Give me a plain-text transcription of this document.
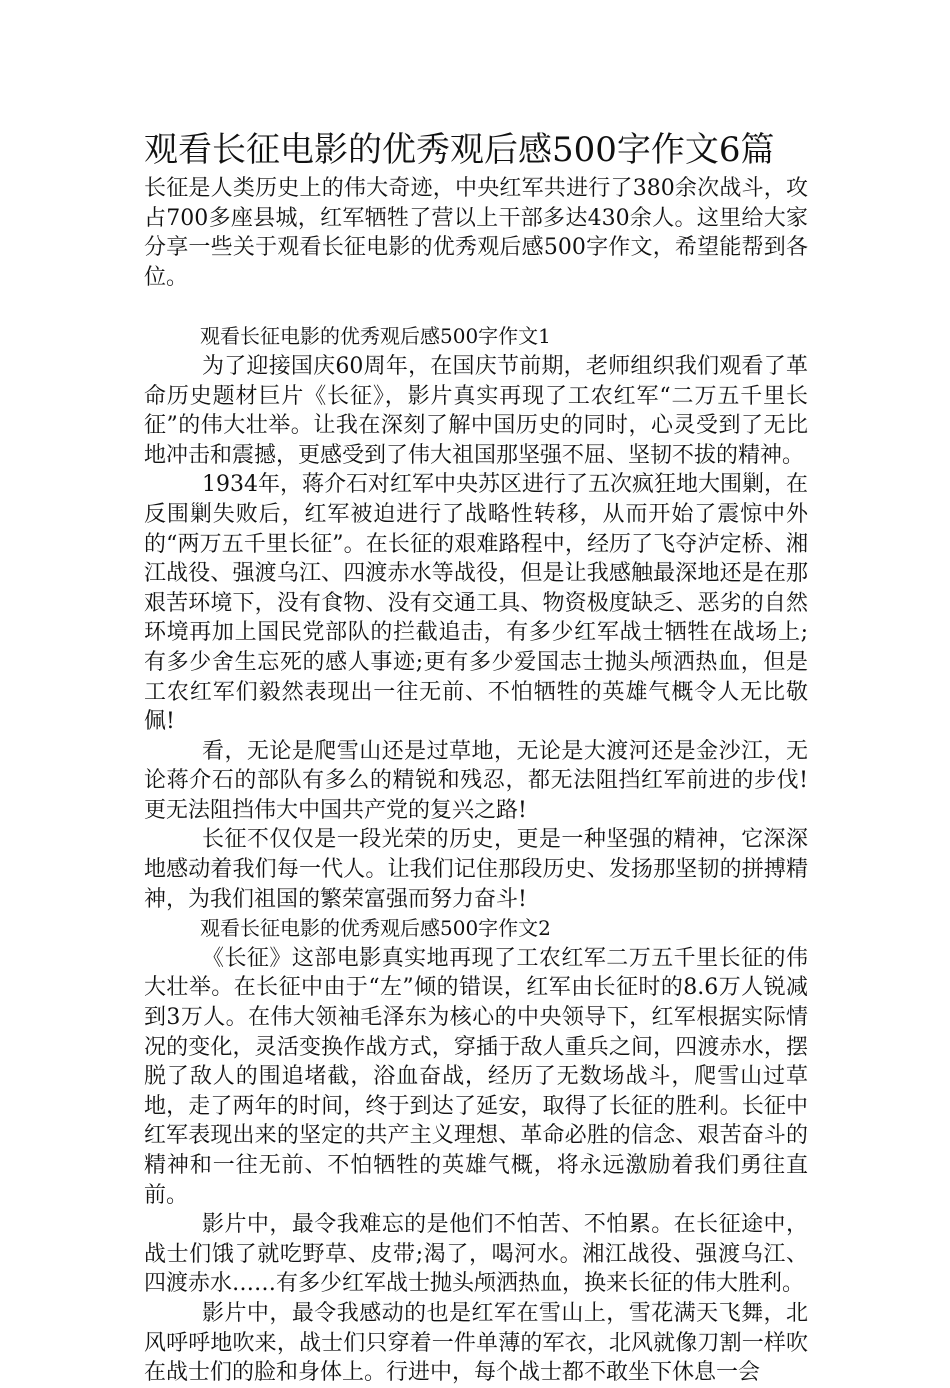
观看长征电影的优秀观后感500字作文6篇

长征是人类历史上的伟大奇迹，中央红军共进行了380余次战斗，攻占700多座县城，红军牺牲了营以上干部多达430余人。这里给大家分享一些关于观看长征电影的优秀观后感500字作文，希望能帮到各位。

观看长征电影的优秀观后感500字作文1

为了迎接国庆60周年，在国庆节前期，老师组织我们观看了革命历史题材巨片《长征》，影片真实再现了工农红军“二万五千里长征”的伟大壮举。让我在深刻了解中国历史的同时，心灵受到了无比地冲击和震撼，更感受到了伟大祖国那坚强不屈、坚韧不拔的精神。

1934年，蒋介石对红军中央苏区进行了五次疯狂地大围剿，在反围剿失败后，红军被迫进行了战略性转移，从而开始了震惊中外的“两万五千里长征”。在长征的艰难路程中，经历了飞夺泸定桥、湘江战役、强渡乌江、四渡赤水等战役，但是让我感触最深地还是在那艰苦环境下，没有食物、没有交通工具、物资极度缺乏、恶劣的自然环境再加上国民党部队的拦截追击，有多少红军战士牺牲在战场上;有多少舍生忘死的感人事迹;更有多少爱国志士抛头颅洒热血，但是工农红军们毅然表现出一往无前、不怕牺牲的英雄气概令人无比敬佩!

看，无论是爬雪山还是过草地，无论是大渡河还是金沙江，无论蒋介石的部队有多么的精锐和残忍，都无法阻挡红军前进的步伐!更无法阻挡伟大中国共产党的复兴之路!

长征不仅仅是一段光荣的历史，更是一种坚强的精神，它深深地感动着我们每一代人。让我们记住那段历史、发扬那坚韧的拼搏精神，为我们祖国的繁荣富强而努力奋斗!

观看长征电影的优秀观后感500字作文2

《长征》这部电影真实地再现了工农红军二万五千里长征的伟大壮举。在长征中由于“左”倾的错误，红军由长征时的8.6万人锐减到3万人。在伟大领袖毛泽东为核心的中央领导下，红军根据实际情况的变化，灵活变换作战方式，穿插于敌人重兵之间，四渡赤水，摆脱了敌人的围追堵截，浴血奋战，经历了无数场战斗，爬雪山过草地，走了两年的时间，终于到达了延安，取得了长征的胜利。长征中红军表现出来的坚定的共产主义理想、革命必胜的信念、艰苦奋斗的精神和一往无前、不怕牺牲的英雄气概，将永远激励着我们勇往直前。

影片中，最令我难忘的是他们不怕苦、不怕累。在长征途中，战士们饿了就吃野草、皮带;渴了，喝河水。湘江战役、强渡乌江、四渡赤水……有多少红军战士抛头颅洒热血，换来长征的伟大胜利。

影片中，最令我感动的也是红军在雪山上，雪花满天飞舞，北风呼呼地吹来，战士们只穿着一件单薄的军衣，北风就像刀割一样吹在战士们的脸和身体上。行进中，每个战士都不敢坐下休息一会
